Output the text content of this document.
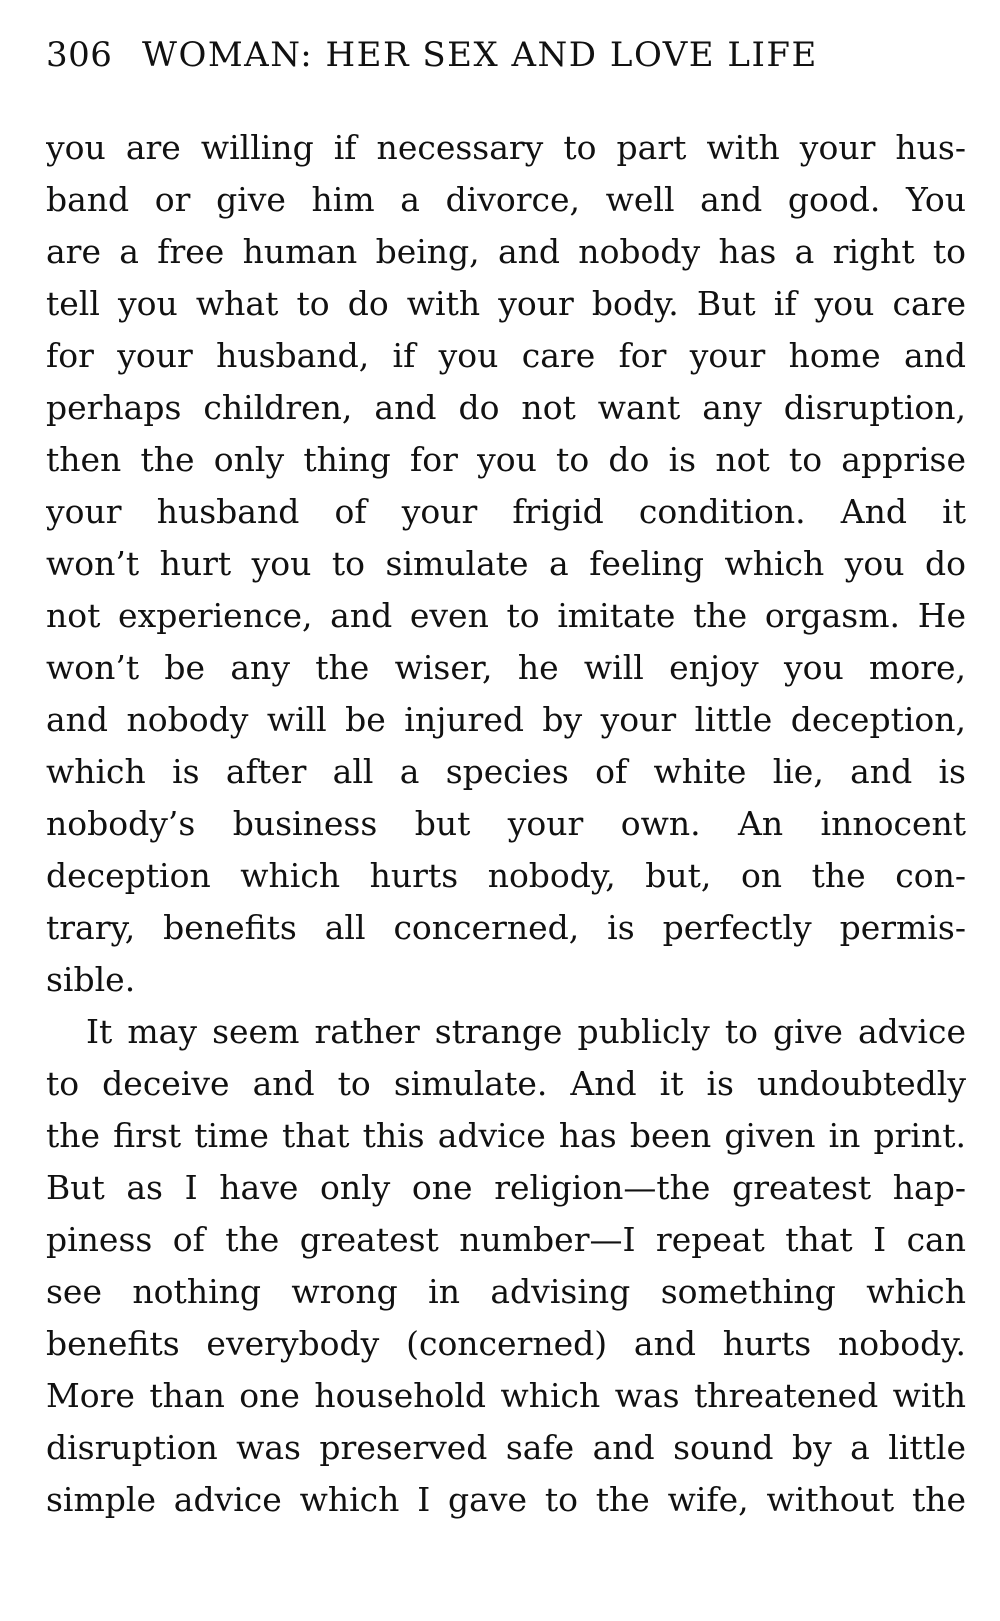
306 WOMAN: HER SEX AND LOVE LIFE
you are willing if necessary to part with your hus-
band or give him a divorce, well and good. You
are a free human being, and nobody has a right to
tell you what to do with your body. But if you care
for your husband, if you care for your home and
perhaps children, and do not want any disruption,
then the only thing for you to do is not to apprise
your husband of your frigid condition. And it
won’t hurt you to simulate a feeling which you do
not experience, and even to imitate the orgasm. He
won’t be any the wiser, he will enjoy you more,
and nobody will be injured by your little deception,
which is after all a species of white lie, and is
nobody’s business but your own. An innocent
deception which hurts nobody, but, on the con-
trary, benefits all concerned, is perfectly permis-
sible.
It may seem rather strange publicly to give advice
to deceive and to simulate. And it is undoubtedly
the first time that this advice has been given in print.
But as I have only one religion—the greatest hap-
piness of the greatest number—I repeat that I can
see nothing wrong in advising something which
benefits everybody (concerned) and hurts nobody.
More than one household which was threatened with
disruption was preserved safe and sound by a little
simple advice which I gave to the wife, without the
